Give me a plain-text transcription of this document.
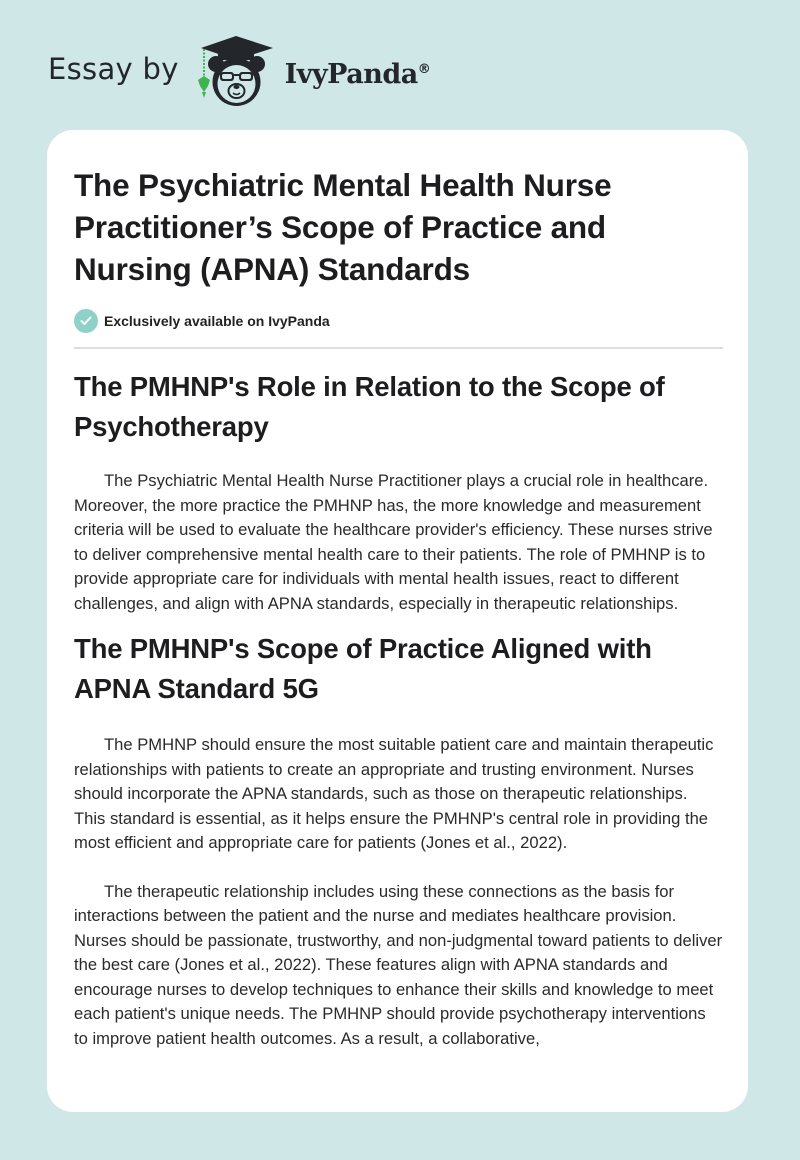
Essay by	IvyPanda®
The Psychiatric Mental Health Nurse Practitioner’s Scope of Practice and Nursing (APNA) Standards
Exclusively available on IvyPanda
The PMHNP's Role in Relation to the Scope of Psychotherapy

The Psychiatric Mental Health Nurse Practitioner plays a crucial role in healthcare. Moreover, the more practice the PMHNP has, the more knowledge and measurement criteria will be used to evaluate the healthcare provider's efficiency. These nurses strive to deliver comprehensive mental health care to their patients. The role of PMHNP is to provide appropriate care for individuals with mental health issues, react to different challenges, and align with APNA standards, especially in therapeutic relationships.

The PMHNP's Scope of Practice Aligned with APNA Standard 5G

The PMHNP should ensure the most suitable patient care and maintain therapeutic relationships with patients to create an appropriate and trusting environment. Nurses should incorporate the APNA standards, such as those on therapeutic relationships. This standard is essential, as it helps ensure the PMHNP's central role in providing the most efficient and appropriate care for patients (Jones et al., 2022).

The therapeutic relationship includes using these connections as the basis for interactions between the patient and the nurse and mediates healthcare provision. Nurses should be passionate, trustworthy, and non-judgmental toward patients to deliver the best care (Jones et al., 2022). These features align with APNA standards and encourage nurses to develop techniques to enhance their skills and knowledge to meet each patient's unique needs. The PMHNP should provide psychotherapy interventions to improve patient health outcomes. As a result, a collaborative,
